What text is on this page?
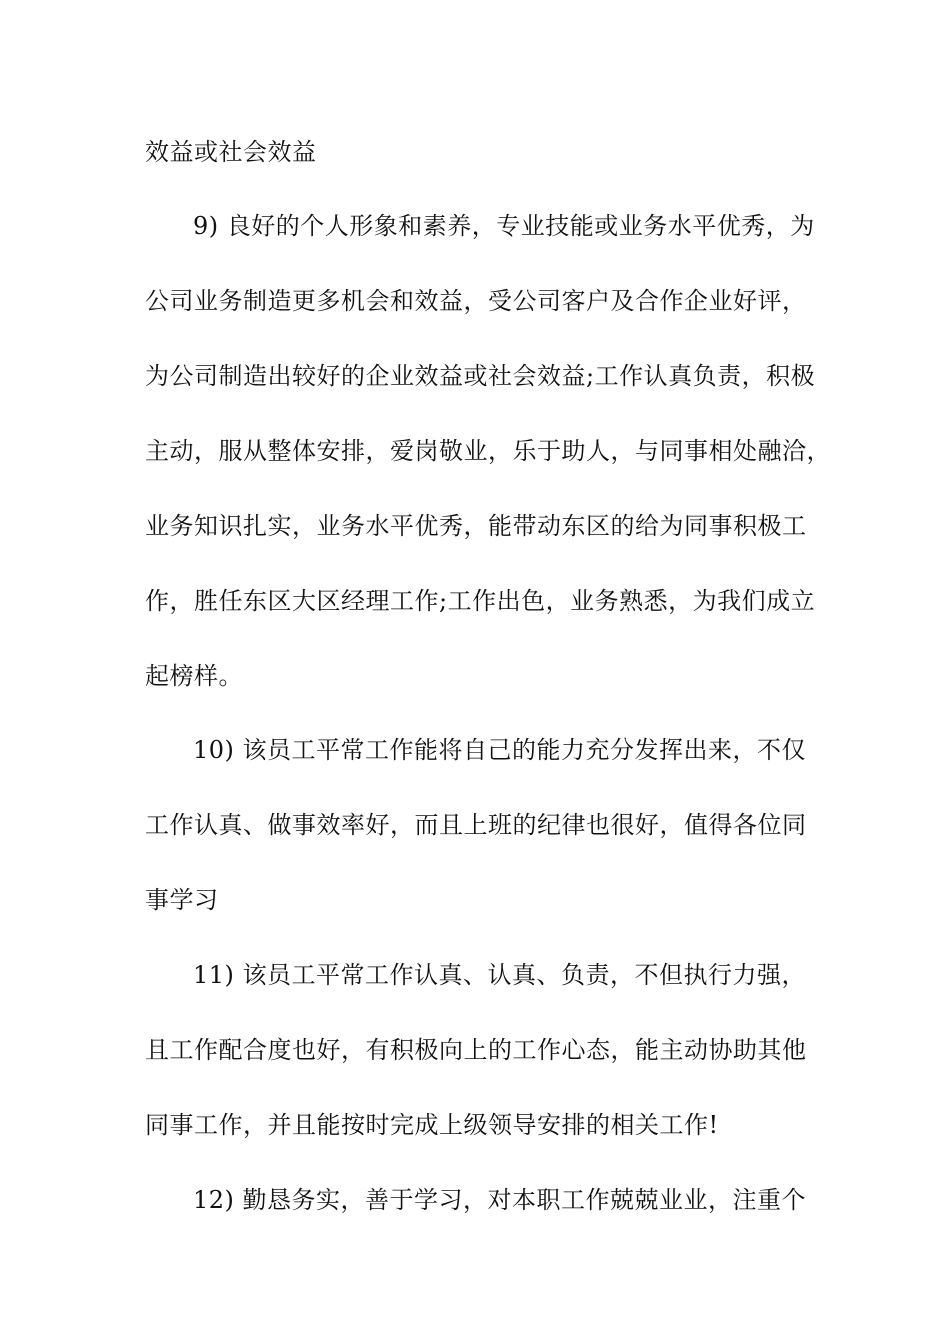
效益或社会效益
9) 良好的个人形象和素养，专业技能或业务水平优秀，为
公司业务制造更多机会和效益，受公司客户及合作企业好评，
为公司制造出较好的企业效益或社会效益;工作认真负责，积极
主动，服从整体安排，爱岗敬业，乐于助人，与同事相处融洽，
业务知识扎实，业务水平优秀，能带动东区的给为同事积极工
作，胜任东区大区经理工作;工作出色，业务熟悉，为我们成立
起榜样。
10) 该员工平常工作能将自己的能力充分发挥出来，不仅
工作认真、做事效率好，而且上班的纪律也很好，值得各位同
事学习
11) 该员工平常工作认真、认真、负责，不但执行力强，
且工作配合度也好，有积极向上的工作心态，能主动协助其他
同事工作，并且能按时完成上级领导安排的相关工作!
12) 勤恳务实，善于学习，对本职工作兢兢业业，注重个
